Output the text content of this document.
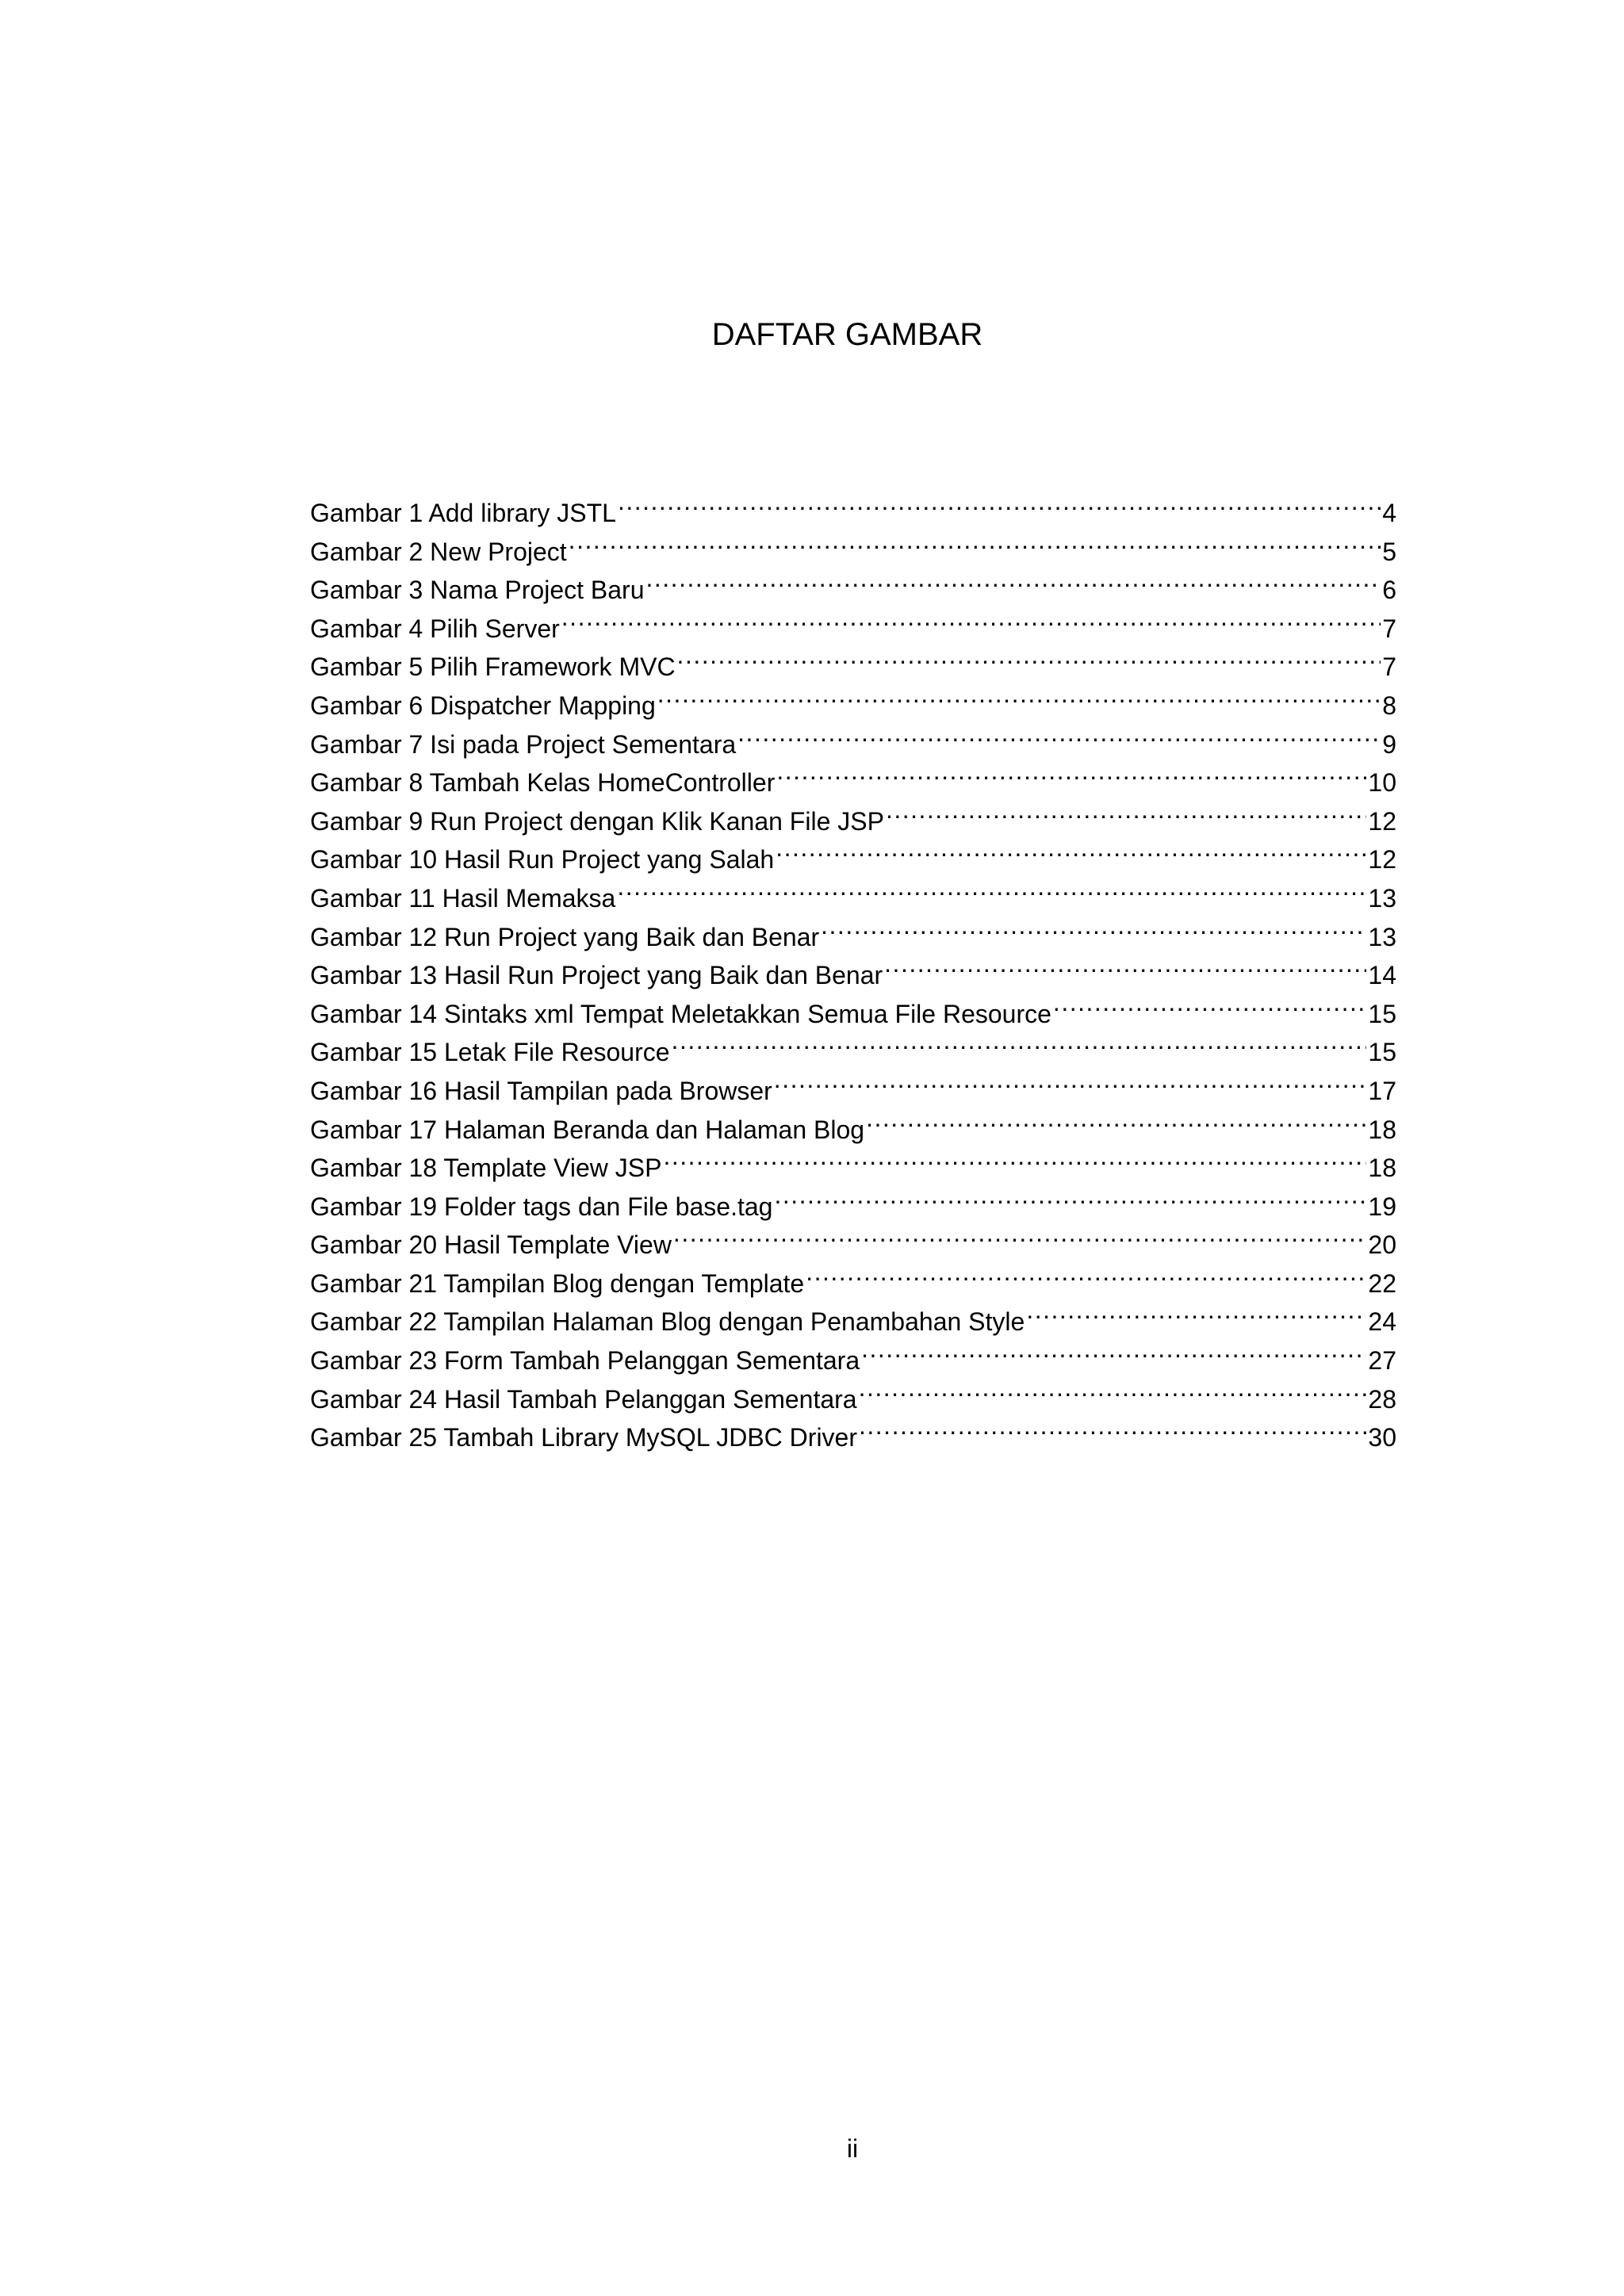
DAFTAR GAMBAR
Gambar 1 Add library JSTL .....	4
Gambar 2 New Project .....	5
Gambar 3 Nama Project Baru .....	6
Gambar 4 Pilih Server .....	7
Gambar 5 Pilih Framework MVC .....	7
Gambar 6 Dispatcher Mapping .....	8
Gambar 7 Isi pada Project Sementara .....	9
Gambar 8 Tambah Kelas HomeController .....	10
Gambar 9 Run Project dengan Klik Kanan File JSP .....	12
Gambar 10 Hasil Run Project yang Salah .....	12
Gambar 11 Hasil Memaksa .....	13
Gambar 12 Run Project yang Baik dan Benar .....	13
Gambar 13 Hasil Run Project yang Baik dan Benar .....	14
Gambar 14 Sintaks xml Tempat Meletakkan Semua File Resource .....	15
Gambar 15 Letak File Resource .....	15
Gambar 16 Hasil Tampilan pada Browser .....	17
Gambar 17 Halaman Beranda dan Halaman Blog .....	18
Gambar 18 Template View JSP .....	18
Gambar 19 Folder tags dan File base.tag .....	19
Gambar 20 Hasil Template View .....	20
Gambar 21 Tampilan Blog dengan Template .....	22
Gambar 22 Tampilan Halaman Blog dengan Penambahan Style .....	24
Gambar 23 Form Tambah Pelanggan Sementara .....	27
Gambar 24 Hasil Tambah Pelanggan Sementara .....	28
Gambar 25 Tambah Library MySQL JDBC Driver .....	30
ii
